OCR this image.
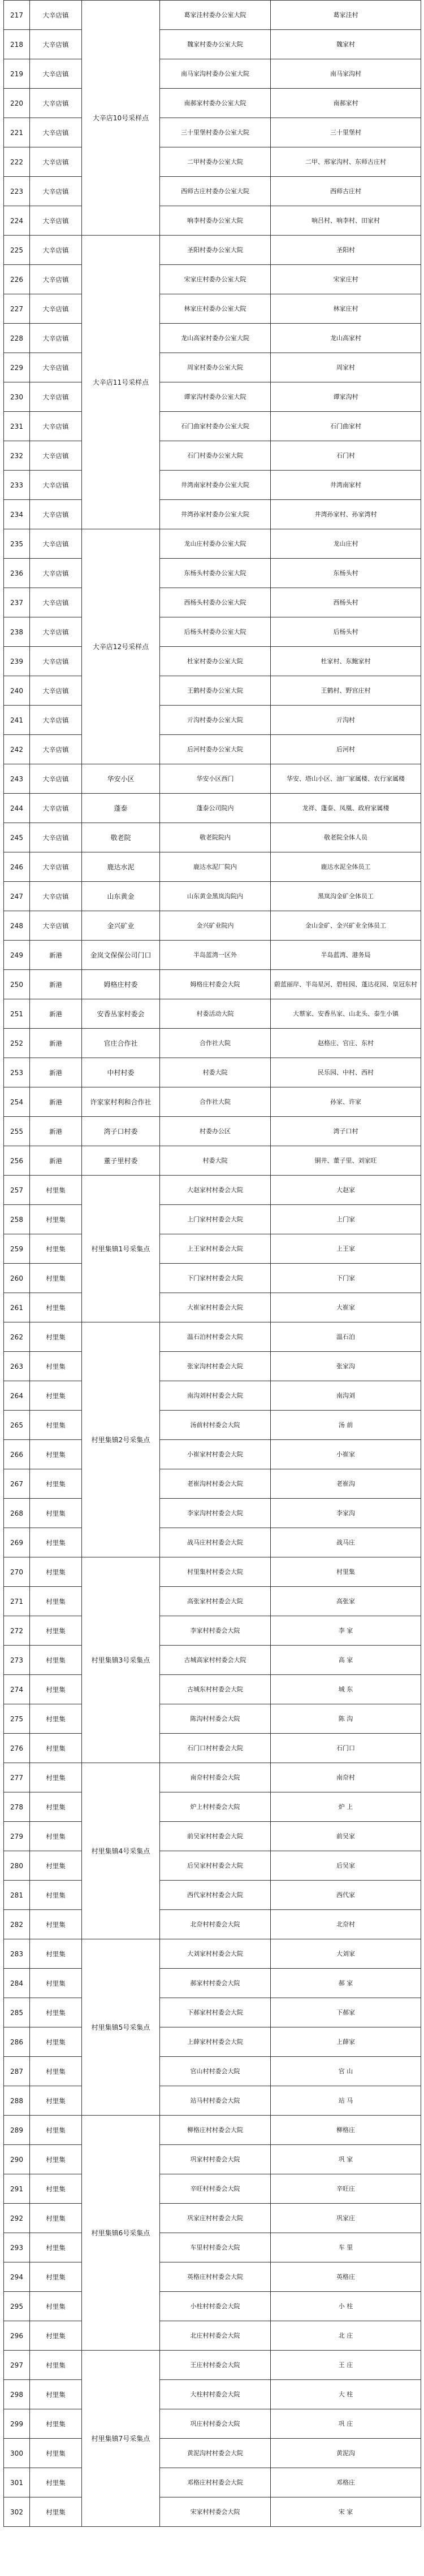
217	大辛店镇	大辛店10号采样点	葛家洼村委办公室大院	葛家洼村
218	大辛店镇		魏家村委办公室大院	魏家村
219	大辛店镇		南马家沟村委办公室大院	南马家沟村
220	大辛店镇		南郝家村委办公室大院	南郝家村
221	大辛店镇		三十里堡村委办公室大院	三十里堡村
222	大辛店镇		二甲村委办公室大院	二甲、邢家沟村、东师古庄村
223	大辛店镇		西师古庄村委办公室大院	西师古庄村
224	大辛店镇		响李村委办公室大院	响吕村、响李村、田家村
225	大辛店镇	大辛店11号采样点	圣阳村委办公室大院	圣阳村
226	大辛店镇		宋家庄村委办公室大院	宋家庄村
227	大辛店镇		林家庄村委办公室大院	林家庄村
228	大辛店镇		龙山高家村委办公室大院	龙山高家村
229	大辛店镇		周家村委办公室大院	周家村
230	大辛店镇		谭家沟村委办公室大院	谭家沟村
231	大辛店镇		石门曲家村委办公室大院	石门曲家村
232	大辛店镇		石门村委办公室大院	石门村
233	大辛店镇		井湾南家村委办公室大院	井湾南家村
234	大辛店镇		井湾孙家村委办公室大院	井湾孙家村、孙家湾村
235	大辛店镇	大辛店12号采样点	龙山庄村委办公室大院	龙山庄村
236	大辛店镇		东杨头村委办公室大院	东杨头村
237	大辛店镇		西杨头村委办公室大院	西杨头村
238	大辛店镇		后杨头村委办公室大院	后杨头村
239	大辛店镇		杜家村委办公室大院	杜家村、东鲍家村
240	大辛店镇		王鹤村委办公室大院	王鹤村、野宫庄村
241	大辛店镇		亓沟村委办公室大院	亓沟村
242	大辛店镇		后河村委办公室大院	后河村
243	大辛店镇	华安小区	华安小区西门	华安、塔山小区、油厂家属楼、农行家属楼
244	大辛店镇	蓬泰	蓬泰公司院内	龙祥、蓬泰、凤凰、政府家属楼
245	大辛店镇	敬老院	敬老院院内	敬老院全体人员
246	大辛店镇	鹿达水泥	鹿达水泥厂院内	鹿达水泥全体员工
247	大辛店镇	山东黄金	山东黄金黑岚沟院内	黑岚沟金矿全体员工
248	大辛店镇	金兴矿业	金兴矿业院内	金山金矿、金兴矿业全体员工
249	新港	金岚文保保公司门口	半岛蓝湾一区外	半岛蓝湾、港务局
250	新港	姆格庄村委	姆格庄村委会大院	蔚蓝丽岸、半岛星河、碧桂园、蓬达花园、皇冠东村
251	新港	安香丛家村委会	村委活动大院	大蔡家、安香丛家、山北头、泰生小镇
252	新港	官庄合作社	合作社大院	赵格庄、官庄、东村
253	新港	中村村委	村委大院	民乐园、中村、西村
254	新港	许家家村利和合作社	合作社大院	孙家、许家
255	新港	湾子口村委	村委办公区	湾子口村
256	新港	董子里村委	村委大院	铜井、董子里、刘家旺
257	村里集	村里集镇1号采集点	大赵家村村委会大院	大赵家
258	村里集		上门家村村委会大院	上门家
259	村里集		上王家村村委会大院	上王家
260	村里集		下门家村村委会大院	下门家
261	村里集		大崔家村村委会大院	大崔家
262	村里集	村里集镇2号采集点	温石泊村村委会大院	温石泊
263	村里集		张家沟村村委会大院	张家沟
264	村里集		南沟刘村村委会大院	南沟刘
265	村里集		汤前村村委会大院	汤 前
266	村里集		小崔家村村委会大院	小崔家
267	村里集		老崔沟村村委会大院	老崔沟
268	村里集		李家沟村村委会大院	李家沟
269	村里集		战马庄村村委会大院	战马庄
270	村里集	村里集镇3号采集点	村里集村村委会大院	村里集
271	村里集		高张家村村委会大院	高张家
272	村里集		李家村村委会大院	李 家
273	村里集		古城高家村村委会大院	高 家
274	村里集		古城东村村委会大院	城 东
275	村里集		陈沟村村委会大院	陈 沟
276	村里集		石门口村村委会大院	石门口
277	村里集	村里集镇4号采集点	南夼村村委会大院	南夼村
278	村里集		炉上村村委会大院	炉 上
279	村里集		前吴家村村委会大院	前吴家
280	村里集		后吴家村村委会大院	后吴家
281	村里集		西代家村村委会大院	西代家
282	村里集		北夼村村委会大院	北夼村
283	村里集	村里集镇5号采集点	大刘家村村委会大院	大刘家
284	村里集		郝家村村委会大院	郝 家
285	村里集		下郝家村村委会大院	下郝家
286	村里集		上薛家村村委会大院	上薛家
287	村里集		官山村村委会大院	官 山
288	村里集		站马村村委会大院	站 马
289	村里集	村里集镇6号采集点	柳格庄村村委会大院	柳格庄
290	村里集		巩家村村委会大院	巩 家
291	村里集		辛旺村村委会大院	辛旺庄
292	村里集		巩家庄村村委会大院	巩家庄
293	村里集		车里村村委会大院	车 里
294	村里集		英格庄村村委会大院	英格庄
295	村里集		小柱村村委会大院	小 柱
296	村里集		北庄村村委会大院	北 庄
297	村里集	村里集镇7号采集点	王庄村村委会大院	王 庄
298	村里集		大柱村村委会大院	大 柱
299	村里集		巩庄村村委会大院	巩 庄
300	村里集		黄泥沟村村委会大院	黄泥沟
301	村里集		邓格庄村村委会大院	邓格庄
302	村里集		宋家村村委会大院	宋 家
